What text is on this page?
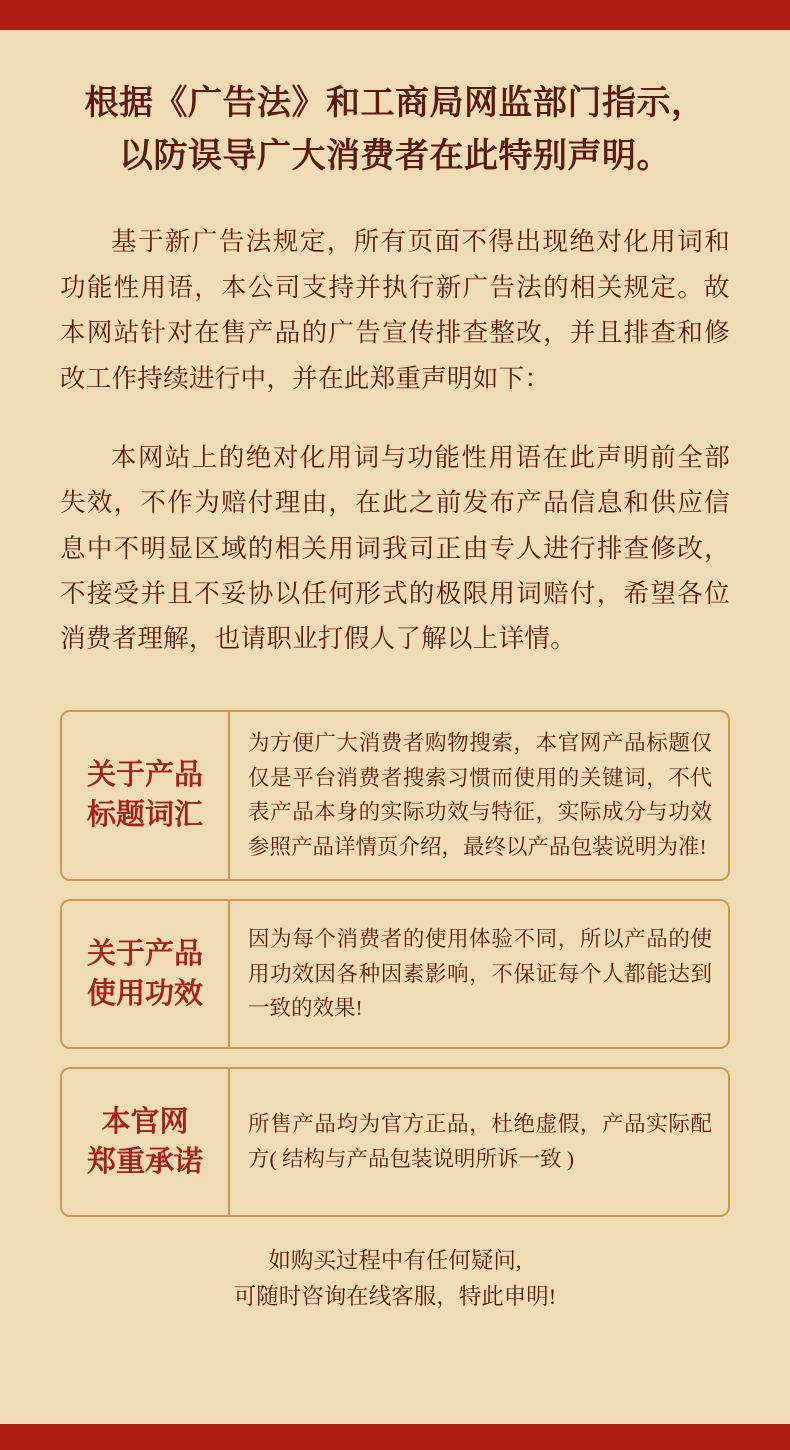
根据《广告法》和工商局网监部门指示，
以防误导广大消费者在此特别声明。

基于新广告法规定，所有页面不得出现绝对化用词和功能性用语，本公司支持并执行新广告法的相关规定。故本网站针对在售产品的广告宣传排查整改，并且排查和修改工作持续进行中，并在此郑重声明如下：

本网站上的绝对化用词与功能性用语在此声明前全部失效，不作为赔付理由，在此之前发布产品信息和供应信息中不明显区域的相关用词我司正由专人进行排查修改，不接受并且不妥协以任何形式的极限用词赔付，希望各位消费者理解，也请职业打假人了解以上详情。

关于产品
标题词汇
为方便广大消费者购物搜索，本官网产品标题仅仅是平台消费者搜索习惯而使用的关键词，不代表产品本身的实际功效与特征，实际成分与功效参照产品详情页介绍，最终以产品包装说明为准!
关于产品
使用功效
因为每个消费者的使用体验不同，所以产品的使用功效因各种因素影响，不保证每个人都能达到一致的效果!
本官网
郑重承诺
所售产品均为官方正品，杜绝虚假，产品实际配方( 结构与产品包装说明所诉一致 )
如购买过程中有任何疑问,
可随时咨询在线客服，特此申明!
